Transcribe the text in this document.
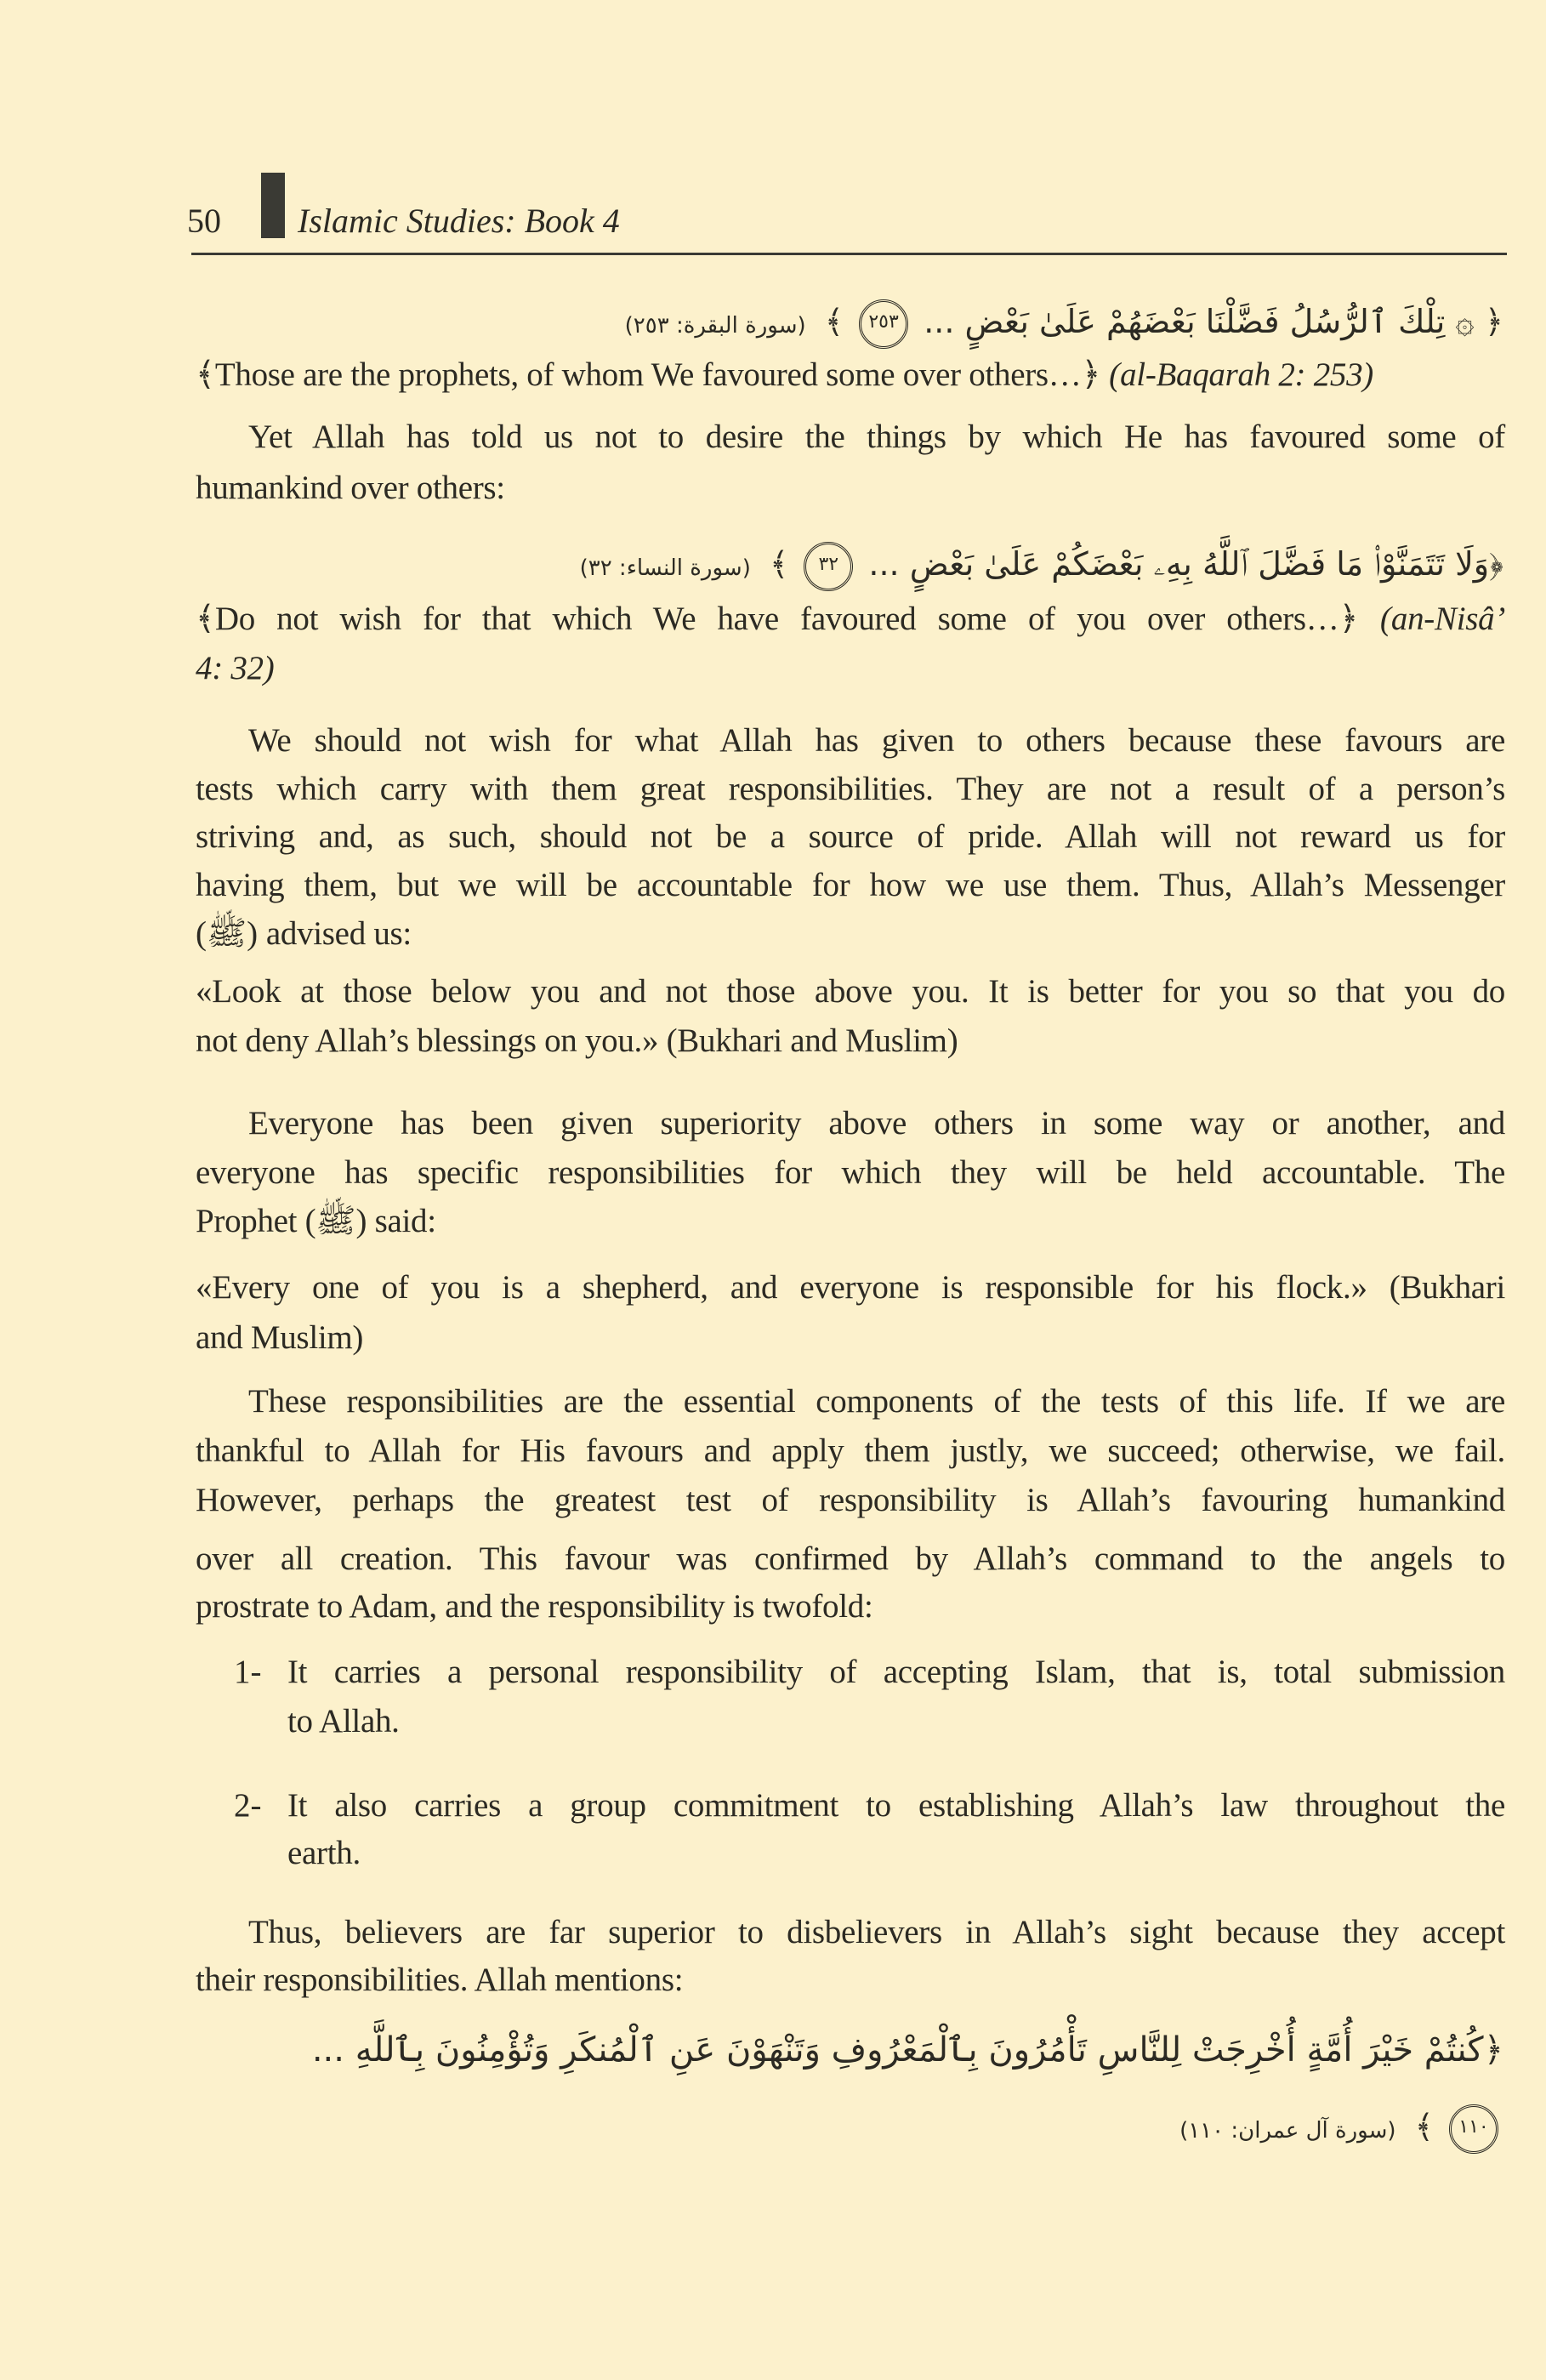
50 Islamic Studies: Book 4
﴿ ۞ تِلْكَ ٱلرُّسُلُ فَضَّلْنَا بَعْضَهُمْ عَلَىٰ بَعْضٍ ... ٢٥٣ ﴾ (سورة البقرة: ٢٥٣)
﴾Those are the prophets, of whom We favoured some over others…﴿ (al-Baqarah 2: 253)
Yet Allah has told us not to desire the things by which He has favoured some of
humankind over others:
﴿وَلَا تَتَمَنَّوْا۟ مَا فَضَّلَ ٱللَّهُ بِهِۦ بَعْضَكُمْ عَلَىٰ بَعْضٍ ... ٣٢ ﴾ (سورة النساء: ٣٢)
﴾Do not wish for that which We have favoured some of you over others…﴿ (an-Nisâ’
4: 32)
We should not wish for what Allah has given to others because these favours are
tests which carry with them great responsibilities. They are not a result of a person’s
striving and, as such, should not be a source of pride. Allah will not reward us for
having them, but we will be accountable for how we use them. Thus, Allah’s Messenger
(ﷺ) advised us:
«Look at those below you and not those above you. It is better for you so that you do
not deny Allah’s blessings on you.» (Bukhari and Muslim)
Everyone has been given superiority above others in some way or another, and
everyone has specific responsibilities for which they will be held accountable. The
Prophet (ﷺ) said:
«Every one of you is a shepherd, and everyone is responsible for his flock.» (Bukhari
and Muslim)
These responsibilities are the essential components of the tests of this life. If we are
thankful to Allah for His favours and apply them justly, we succeed; otherwise, we fail.
However, perhaps the greatest test of responsibility is Allah’s favouring humankind
over all creation. This favour was confirmed by Allah’s command to the angels to
prostrate to Adam, and the responsibility is twofold:
1- It carries a personal responsibility of accepting Islam, that is, total submission
to Allah.
2- It also carries a group commitment to establishing Allah’s law throughout the
earth.
Thus, believers are far superior to disbelievers in Allah’s sight because they accept
their responsibilities. Allah mentions:
﴿كُنتُمْ خَيْرَ أُمَّةٍ أُخْرِجَتْ لِلنَّاسِ تَأْمُرُونَ بِٱلْمَعْرُوفِ وَتَنْهَوْنَ عَنِ ٱلْمُنكَرِ وَتُؤْمِنُونَ بِٱللَّهِ ...
١١٠ ﴾ (سورة آل عمران: ١١٠)
